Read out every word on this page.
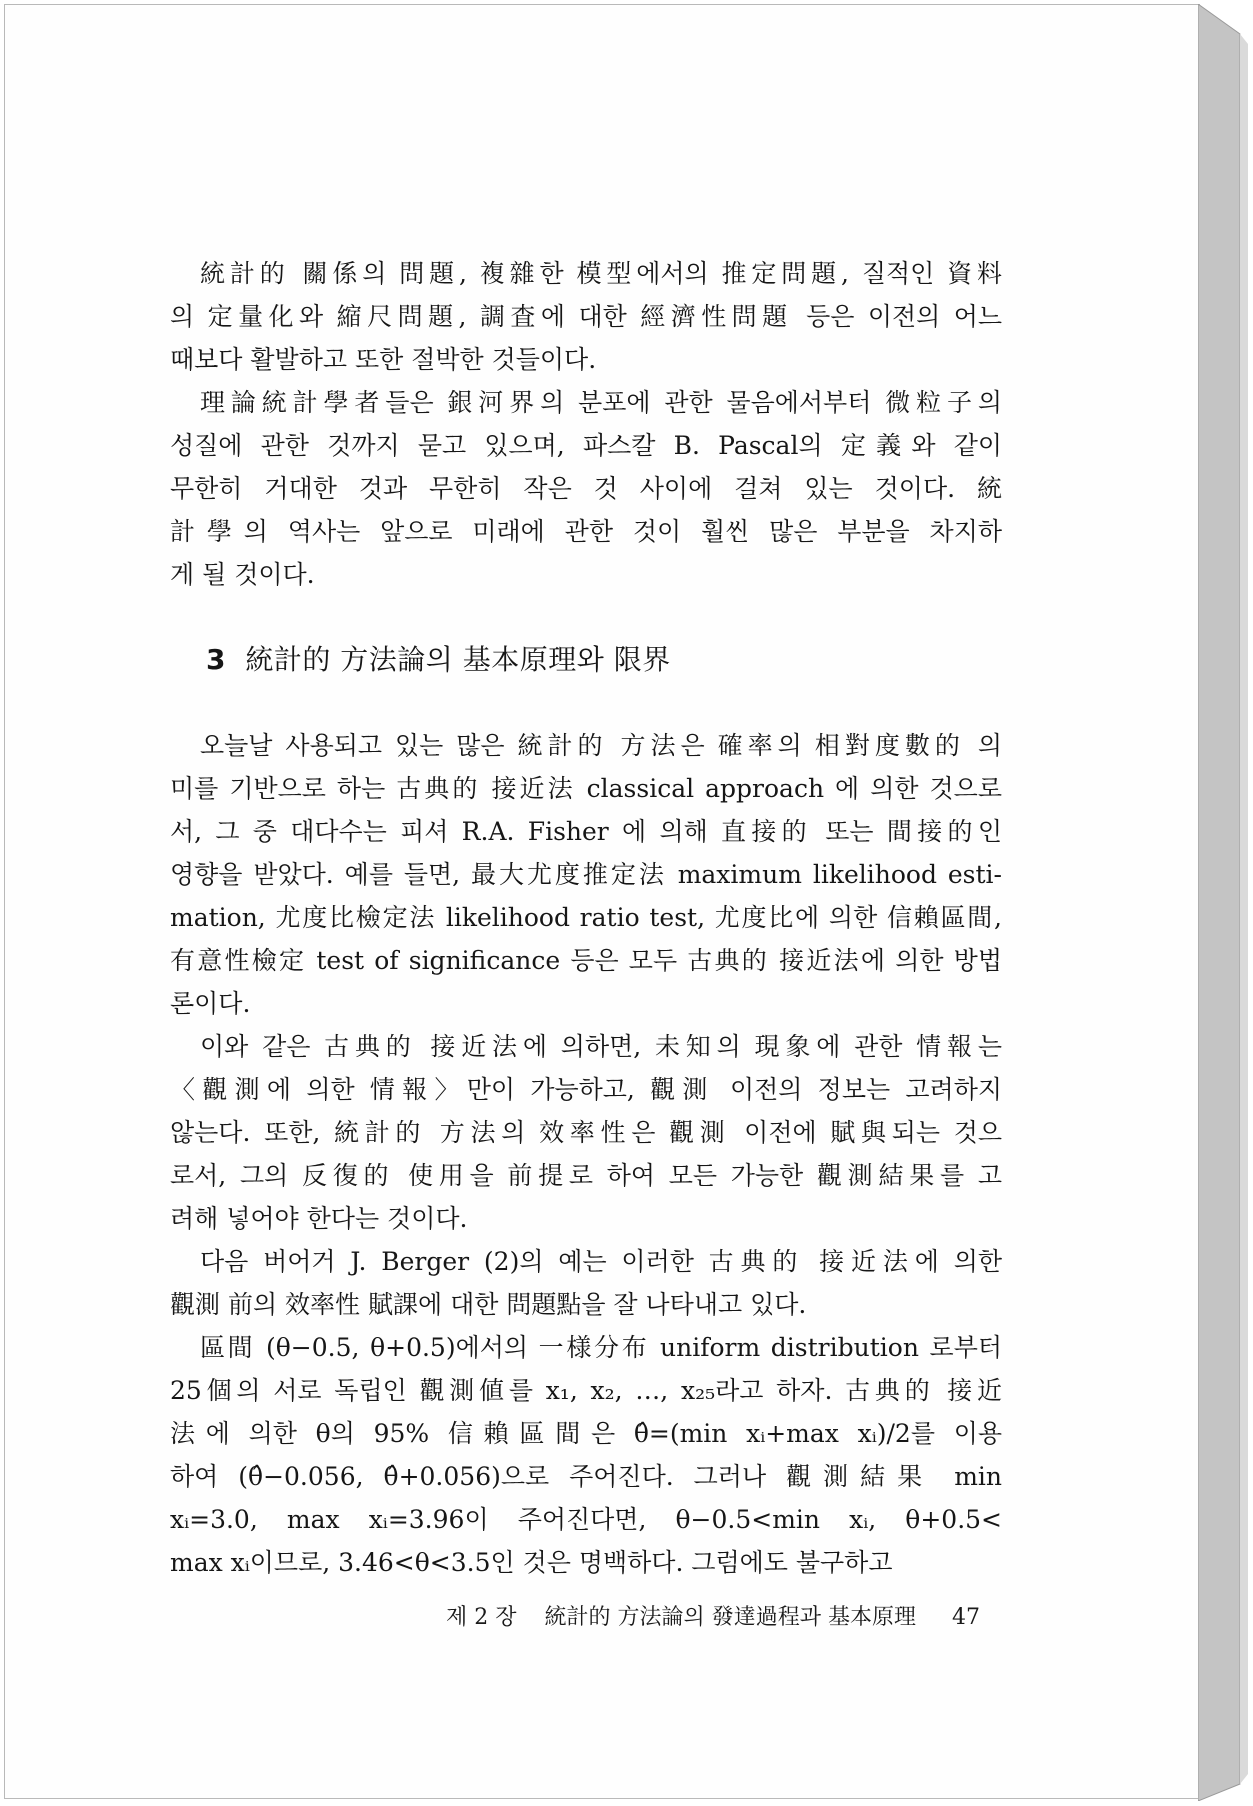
統計的 關係의 問題, 複雜한 模型에서의 推定問題, 질적인 資料
의 定量化와 縮尺問題, 調査에 대한 經濟性問題 등은 이전의 어느
때보다 활발하고 또한 절박한 것들이다.
理論統計學者들은 銀河界의 분포에 관한 물음에서부터 微粒子의
성질에 관한 것까지 묻고 있으며, 파스칼 B. Pascal의 定義와 같이
무한히 거대한 것과 무한히 작은 것 사이에 걸쳐 있는 것이다. 統
計學의 역사는 앞으로 미래에 관한 것이 훨씬 많은 부분을 차지하
게 될 것이다.
3 統計的 方法論의 基本原理와 限界
오늘날 사용되고 있는 많은 統計的 方法은 確率의 相對度數的 의
미를 기반으로 하는 古典的 接近法 classical approach 에 의한 것으로
서, 그 중 대다수는 피셔 R.A. Fisher 에 의해 直接的 또는 間接的인
영향을 받았다. 예를 들면, 最大尤度推定法 maximum likelihood esti-
mation, 尤度比檢定法 likelihood ratio test, 尤度比에 의한 信賴區間,
有意性檢定 test of significance 등은 모두 古典的 接近法에 의한 방법
론이다.
이와 같은 古典的 接近法에 의하면, 未知의 現象에 관한 情報는
〈觀測에 의한 情報〉만이 가능하고, 觀測 이전의 정보는 고려하지
않는다. 또한, 統計的 方法의 效率性은 觀測 이전에 賦與되는 것으
로서, 그의 反復的 使用을 前提로 하여 모든 가능한 觀測結果를 고
려해 넣어야 한다는 것이다.
다음 버어거 J. Berger (2)의 예는 이러한 古典的 接近法에 의한
觀測 前의 效率性 賦課에 대한 問題點을 잘 나타내고 있다.
區間 (θ−0.5, θ+0.5)에서의 一様分布 uniform distribution 로부터
25個의 서로 독립인 觀測値를 x₁, x₂, …, x₂₅라고 하자. 古典的 接近
法에 의한 θ의 95% 信賴區間은 θ̂=(min xᵢ+max xᵢ)/2를 이용
하여 (θ̂−0.056, θ̂+0.056)으로 주어진다. 그러나 觀測結果 min
xᵢ=3.0, max xᵢ=3.96이 주어진다면, θ−0.5<min xᵢ, θ+0.5<
max xᵢ이므로, 3.46<θ<3.5인 것은 명백하다. 그럼에도 불구하고
제 2 장 統計的 方法論의 發達過程과 基本原理 47
